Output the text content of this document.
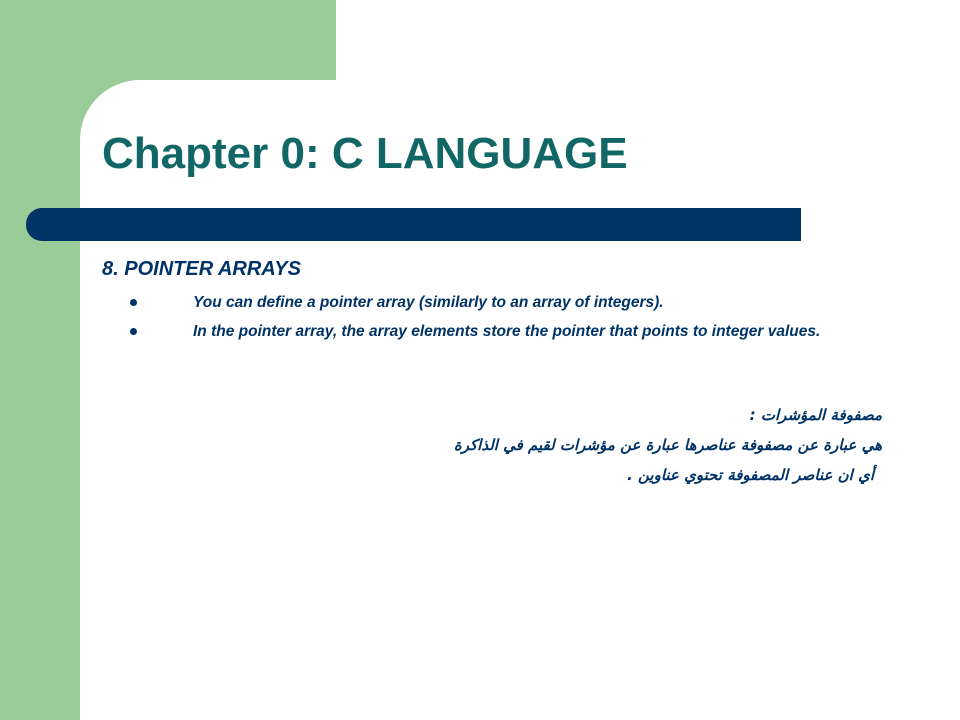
Chapter 0: C LANGUAGE
8. POINTER ARRAYS
You can define a pointer array (similarly to an array of integers).
In the pointer array, the array elements store the pointer that points to integer values.

مصفوفة المؤشرات :

هي عبارة عن مصفوفة عناصرها عبارة عن مؤشرات لقيم في الذاكرة

أي ان عناصر المصفوفة تحتوي عناوين .
